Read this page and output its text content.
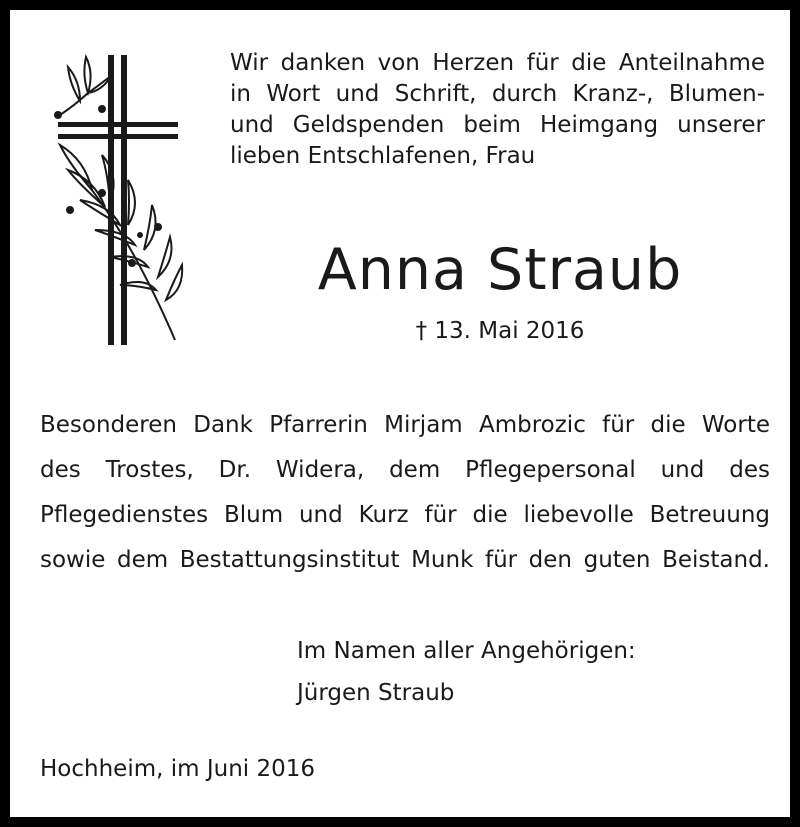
Wir danken von Herzen für die Anteilnahme
in Wort und Schrift, durch Kranz-, Blumen-
und Geldspenden beim Heimgang unserer
lieben Entschlafenen, Frau
Anna Straub
† 13. Mai 2016
Besonderen Dank Pfarrerin Mirjam Ambrozic für die Worte
des Trostes, Dr. Widera, dem Pflegepersonal und des
Pflegedienstes Blum und Kurz für die liebevolle Betreuung
sowie dem Bestattungsinstitut Munk für den guten Beistand.
Im Namen aller Angehörigen:
Jürgen Straub
Hochheim, im Juni 2016
